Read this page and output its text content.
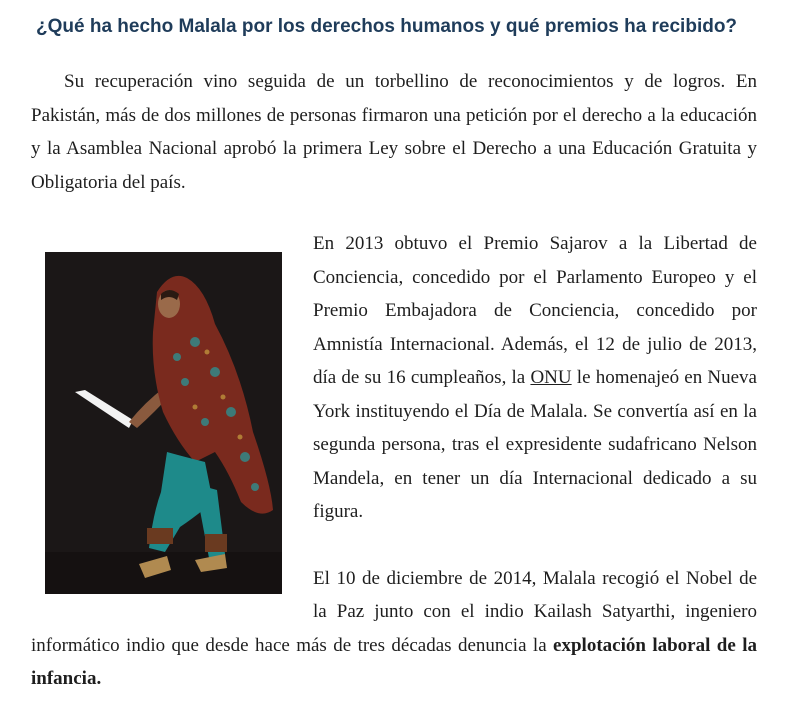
¿Qué ha hecho Malala por los derechos humanos y qué premios ha recibido?

Su recuperación vino seguida de un torbellino de reconocimientos y de logros. En Pakistán, más de dos millones de personas firmaron una petición por el derecho a la educación y la Asamblea Nacional aprobó la primera Ley sobre el Derecho a una Educación Gratuita y Obligatoria del país.

En 2013 obtuvo el Premio Sajarov a la Libertad de Conciencia, concedido por el Parlamento Europeo y el Premio Embajadora de Conciencia, concedido por Amnistía Internacional. Además, el 12 de julio de 2013, día de su 16 cumpleaños, la ONU le homenajeó en Nueva York instituyendo el Día de Malala. Se convertía así en la segunda persona, tras el expresidente sudafricano Nelson Mandela, en tener un día Internacional dedicado a su figura.

El 10 de diciembre de 2014, Malala recogió el Nobel de la Paz junto con el indio Kailash Satyarthi, ingeniero informático indio que desde hace más de tres décadas denuncia la explotación laboral de la infancia.
